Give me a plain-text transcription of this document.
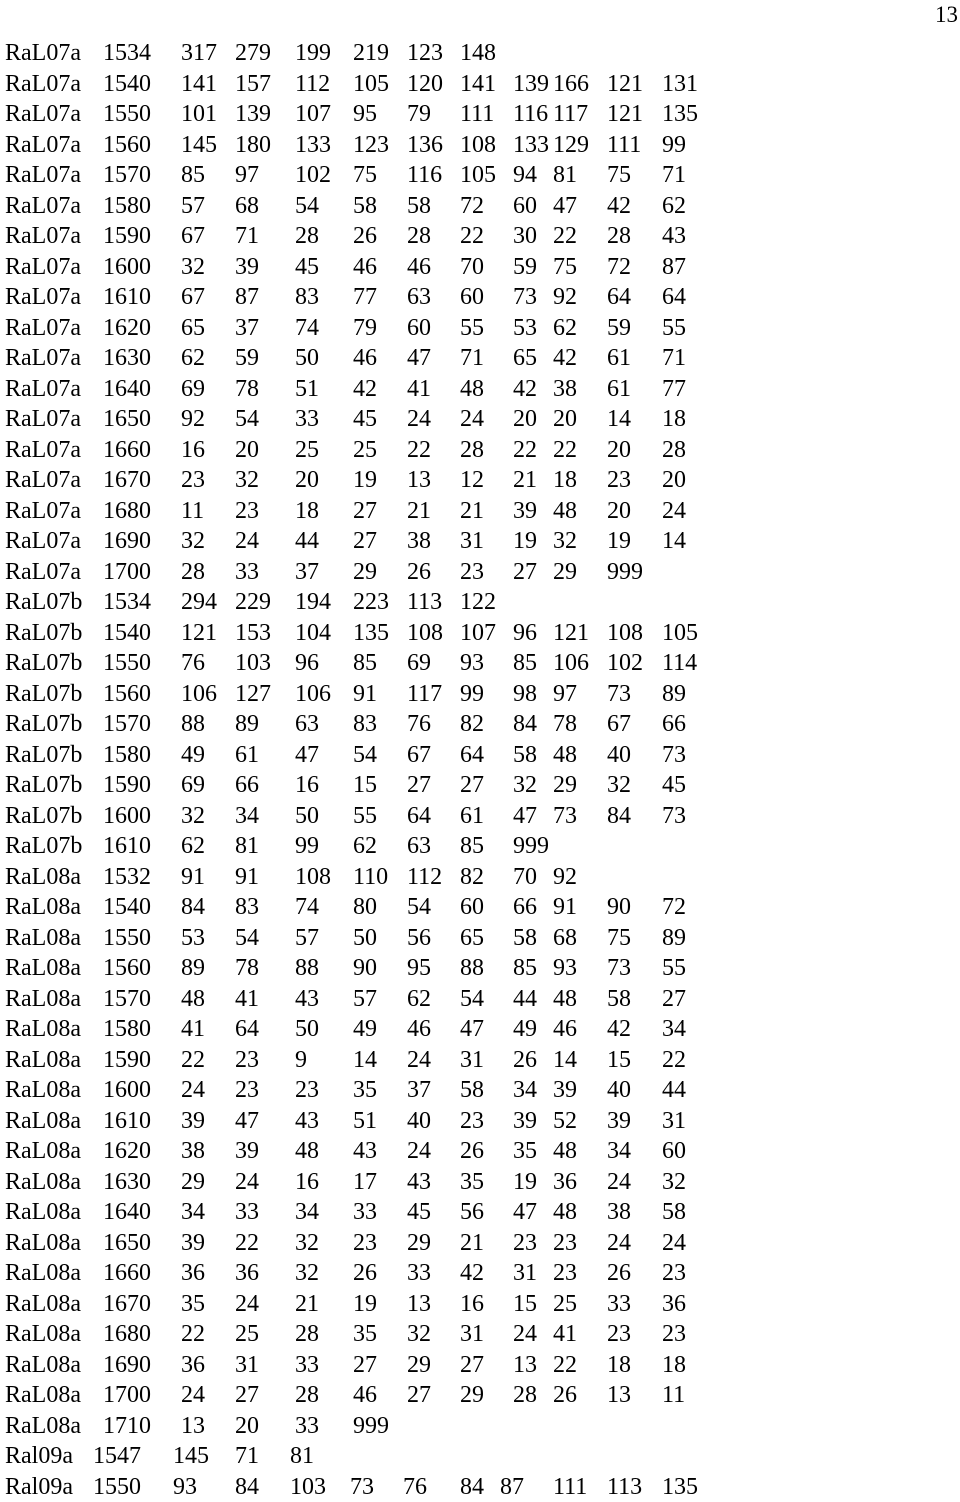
13
RaL07a 1534 317 279 199 219 123 148
RaL07a 1540 141 157 112 105 120 141 139 166 121 131
RaL07a 1550 101 139 107 95 79 111 116 117 121 135
RaL07a 1560 145 180 133 123 136 108 133 129 111 99
RaL07a 1570 85 97 102 75 116 105 94 81 75 71
RaL07a 1580 57 68 54 58 58 72 60 47 42 62
RaL07a 1590 67 71 28 26 28 22 30 22 28 43
RaL07a 1600 32 39 45 46 46 70 59 75 72 87
RaL07a 1610 67 87 83 77 63 60 73 92 64 64
RaL07a 1620 65 37 74 79 60 55 53 62 59 55
RaL07a 1630 62 59 50 46 47 71 65 42 61 71
RaL07a 1640 69 78 51 42 41 48 42 38 61 77
RaL07a 1650 92 54 33 45 24 24 20 20 14 18
RaL07a 1660 16 20 25 25 22 28 22 22 20 28
RaL07a 1670 23 32 20 19 13 12 21 18 23 20
RaL07a 1680 11 23 18 27 21 21 39 48 20 24
RaL07a 1690 32 24 44 27 38 31 19 32 19 14
RaL07a 1700 28 33 37 29 26 23 27 29 999
RaL07b 1534 294 229 194 223 113 122
RaL07b 1540 121 153 104 135 108 107 96 121 108 105
RaL07b 1550 76 103 96 85 69 93 85 106 102 114
RaL07b 1560 106 127 106 91 117 99 98 97 73 89
RaL07b 1570 88 89 63 83 76 82 84 78 67 66
RaL07b 1580 49 61 47 54 67 64 58 48 40 73
RaL07b 1590 69 66 16 15 27 27 32 29 32 45
RaL07b 1600 32 34 50 55 64 61 47 73 84 73
RaL07b 1610 62 81 99 62 63 85 999
RaL08a 1532 91 91 108 110 112 82 70 92
RaL08a 1540 84 83 74 80 54 60 66 91 90 72
RaL08a 1550 53 54 57 50 56 65 58 68 75 89
RaL08a 1560 89 78 88 90 95 88 85 93 73 55
RaL08a 1570 48 41 43 57 62 54 44 48 58 27
RaL08a 1580 41 64 50 49 46 47 49 46 42 34
RaL08a 1590 22 23 9 14 24 31 26 14 15 22
RaL08a 1600 24 23 23 35 37 58 34 39 40 44
RaL08a 1610 39 47 43 51 40 23 39 52 39 31
RaL08a 1620 38 39 48 43 24 26 35 48 34 60
RaL08a 1630 29 24 16 17 43 35 19 36 24 32
RaL08a 1640 34 33 34 33 45 56 47 48 38 58
RaL08a 1650 39 22 32 23 29 21 23 23 24 24
RaL08a 1660 36 36 32 26 33 42 31 23 26 23
RaL08a 1670 35 24 21 19 13 16 15 25 33 36
RaL08a 1680 22 25 28 35 32 31 24 41 23 23
RaL08a 1690 36 31 33 27 29 27 13 22 18 18
RaL08a 1700 24 27 28 46 27 29 28 26 13 11
RaL08a 1710 13 20 33 999
Ral09a 1547 145 71 81
Ral09a 1550 93 84 103 73 76 84 87 111 113 135
